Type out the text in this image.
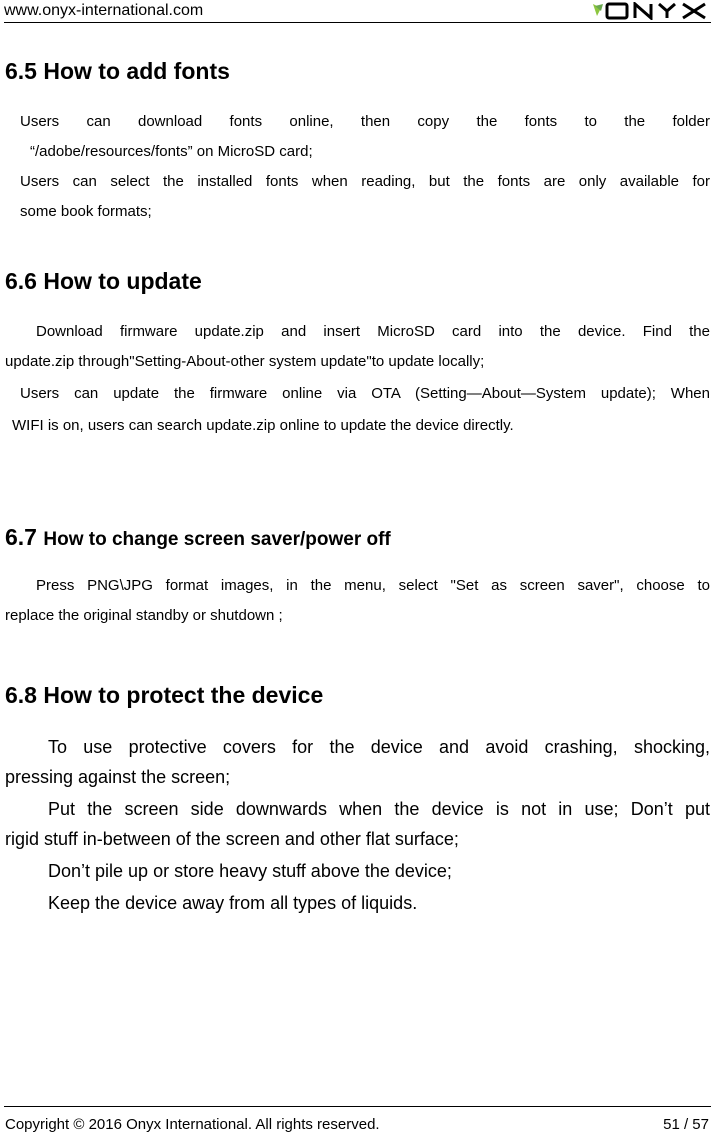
www.onyx-international.com
6.5 How to add fonts
Users can download fonts online, then copy the fonts to the folder
“/adobe/resources/fonts” on MicroSD card;
Users can select the installed fonts when reading, but the fonts are only available for
some book formats;
6.6 How to update
Download firmware update.zip and insert MicroSD card into the device. Find the
update.zip through"Setting-About-other system update"to update locally;
Users can update the firmware online via OTA (Setting—About—System update); When
WIFI is on, users can search update.zip online to update the device directly.
6.7 How to change screen saver/power off
Press PNG\JPG format images, in the menu, select "Set as screen saver", choose to
replace the original standby or shutdown ;
6.8 How to protect the device
To use protective covers for the device and avoid crashing, shocking,
pressing against the screen;
Put the screen side downwards when the device is not in use; Don’t put
rigid stuff in-between of the screen and other flat surface;
Don’t pile up or store heavy stuff above the device;
Keep the device away from all types of liquids.
Copyright © 2016 Onyx International. All rights reserved.	51 / 57
